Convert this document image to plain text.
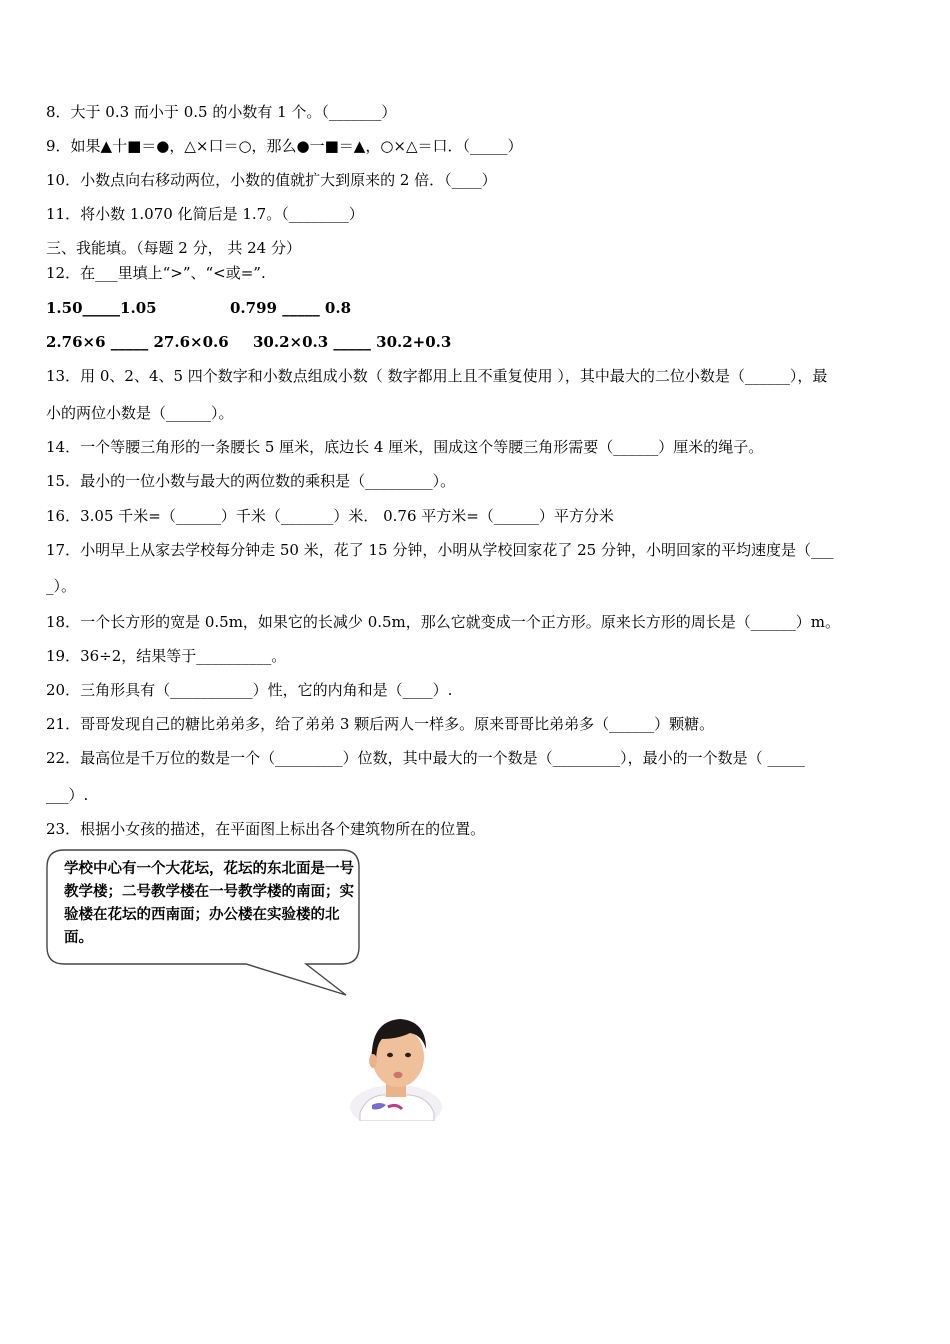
8．大于 0.3 而小于 0.5 的小数有 1 个。（_______）
9．如果▲十■＝●，△×口＝○，那么●一■＝▲，○×△＝口．（_____）
10．小数点向右移动两位，小数的值就扩大到原来的 2 倍．（____）
11．将小数 1.070 化简后是 1.7。（________）
三、我能填。（每题 2 分， 共 24 分）
12．在___里填上“>”、“<或=”.
1.50_____1.05	0.799 _____ 0.8
2.76×6 _____ 27.6×0.6 30.2×0.3 _____ 30.2+0.3
13．用 0、2、4、5 四个数字和小数点组成小数（ 数字都用上且不重复使用 ），其中最大的二位小数是（______），最
小的两位小数是（______）。
14．一个等腰三角形的一条腰长 5 厘米，底边长 4 厘米，围成这个等腰三角形需要（______）厘米的绳子。
15．最小的一位小数与最大的两位数的乘积是（_________）。
16．3.05 千米=（______）千米（_______）米． 0.76 平方米=（______）平方分米
17．小明早上从家去学校每分钟走 50 米，花了 15 分钟，小明从学校回家花了 25 分钟，小明回家的平均速度是（___
_）。
18．一个长方形的宽是 0.5m，如果它的长减少 0.5m，那么它就变成一个正方形。原来长方形的周长是（______）m。
19．36÷2，结果等于__________。
20．三角形具有（___________）性，它的内角和是（____）.
21．哥哥发现自己的糖比弟弟多，给了弟弟 3 颗后两人一样多。原来哥哥比弟弟多（______）颗糖。
22．最高位是千万位的数是一个（_________）位数，其中最大的一个数是（_________），最小的一个数是（ _____
___）.
23．根据小女孩的描述，在平面图上标出各个建筑物所在的位置。
学校中心有一个大花坛，花坛的东北面是一号教学楼；二号教学楼在一号教学楼的南面；实验楼在花坛的西南面；办公楼在实验楼的北面。
